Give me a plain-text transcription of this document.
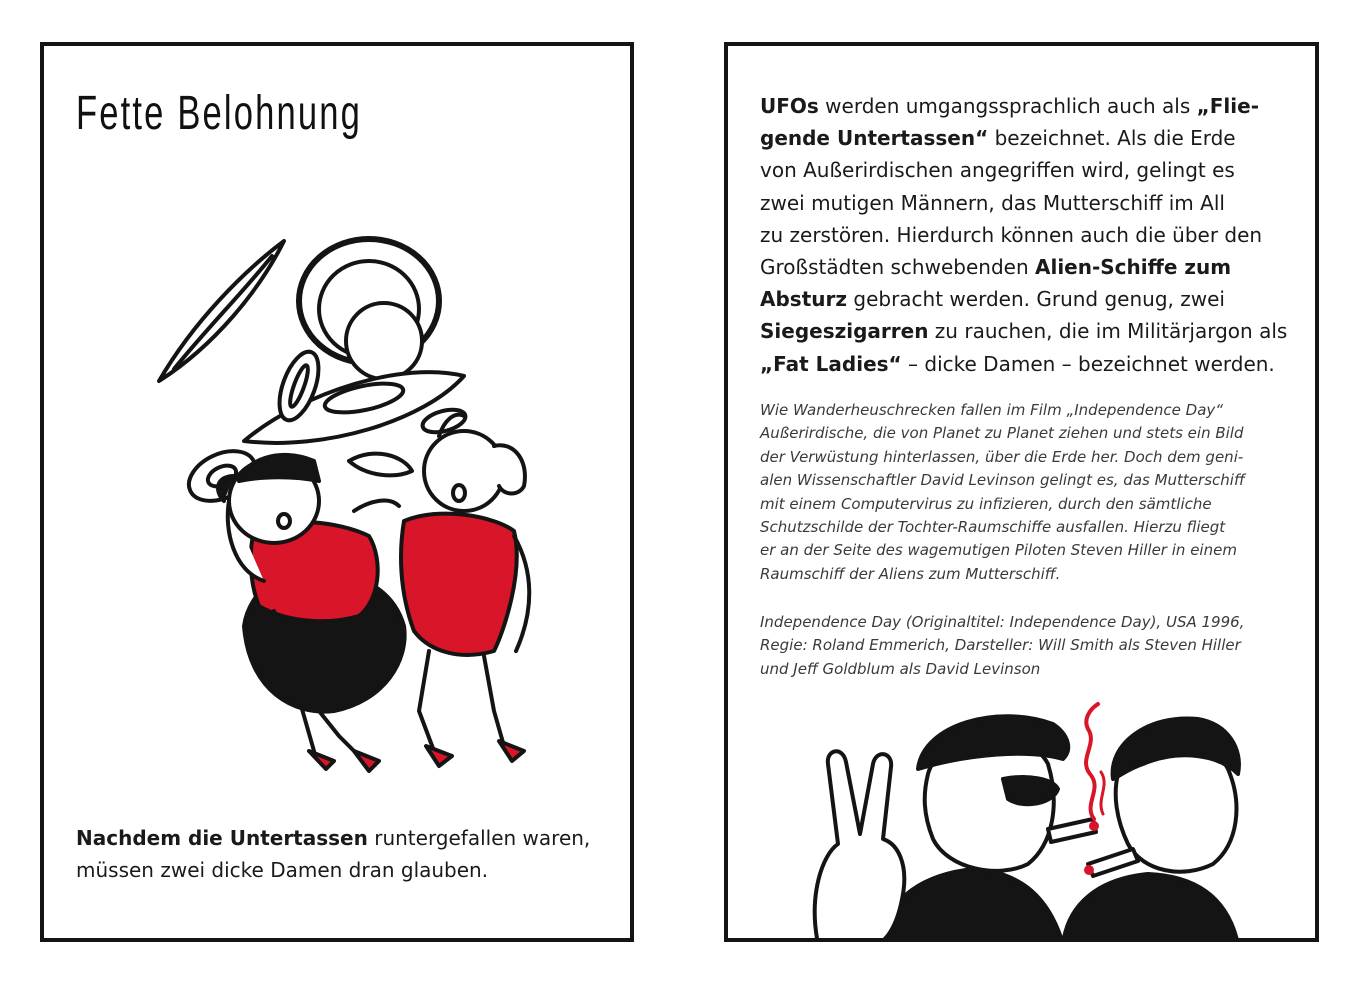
Fette Belohnung

Nachdem die Untertassen runtergefallen waren,
müssen zwei dicke Damen dran glauben.

UFOs werden umgangssprachlich auch als „Flie-
gende Untertassen“ bezeichnet. Als die Erde
von Außerirdischen angegriffen wird, gelingt es
zwei mutigen Männern, das Mutterschiff im All
zu zerstören. Hierdurch können auch die über den
Großstädten schwebenden Alien-Schiffe zum
Absturz gebracht werden. Grund genug, zwei
Siegeszigarren zu rauchen, die im Militärjargon als
„Fat Ladies“ – dicke Damen – bezeichnet werden.

Wie Wanderheuschrecken fallen im Film „Independence Day“
Außerirdische, die von Planet zu Planet ziehen und stets ein Bild
der Verwüstung hinterlassen, über die Erde her. Doch dem geni-
alen Wissenschaftler David Levinson gelingt es, das Mutterschiff
mit einem Computervirus zu infizieren, durch den sämtliche
Schutzschilde der Tochter-Raumschiffe ausfallen. Hierzu fliegt
er an der Seite des wagemutigen Piloten Steven Hiller in einem
Raumschiff der Aliens zum Mutterschiff.

Independence Day (Originaltitel: Independence Day), USA 1996,
Regie: Roland Emmerich, Darsteller: Will Smith als Steven Hiller
und Jeff Goldblum als David Levinson
